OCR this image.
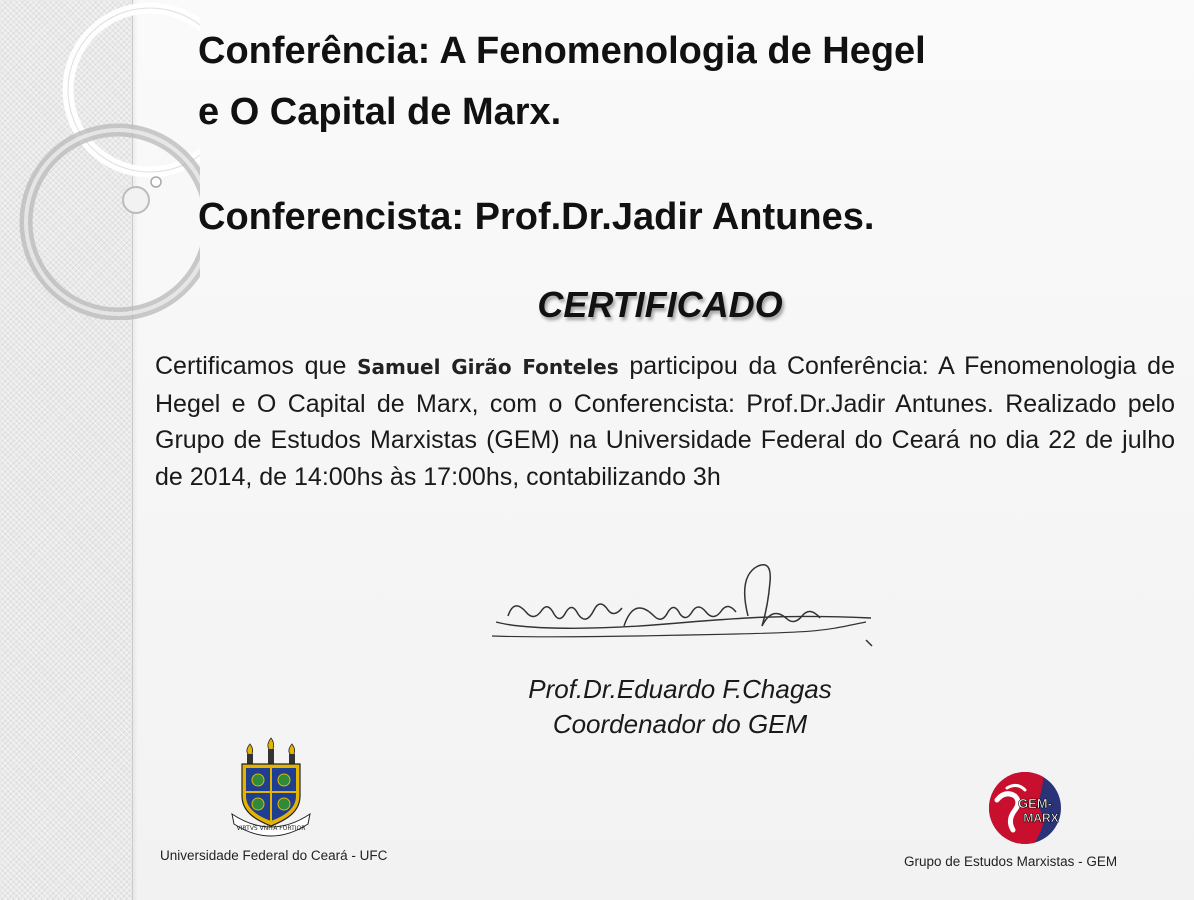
Conferência: A Fenomenologia de Hegel
e O Capital de Marx.
Conferencista: Prof.Dr.Jadir Antunes.
CERTIFICADO

Certificamos que Samuel Girão Fonteles participou da Conferência: A Fenomenologia de Hegel e O Capital de Marx, com o Conferencista: Prof.Dr.Jadir Antunes. Realizado pelo Grupo de Estudos Marxistas (GEM) na Universidade Federal do Ceará no dia 22 de julho de 2014, de 14:00hs às 17:00hs, contabilizando 3h

Prof.Dr.Eduardo F.Chagas

Coordenador do GEM

VIRTVS VNITA FORTIOR
GEM-
MARX

Universidade Federal do Ceará - UFC	Grupo de Estudos Marxistas - GEM
